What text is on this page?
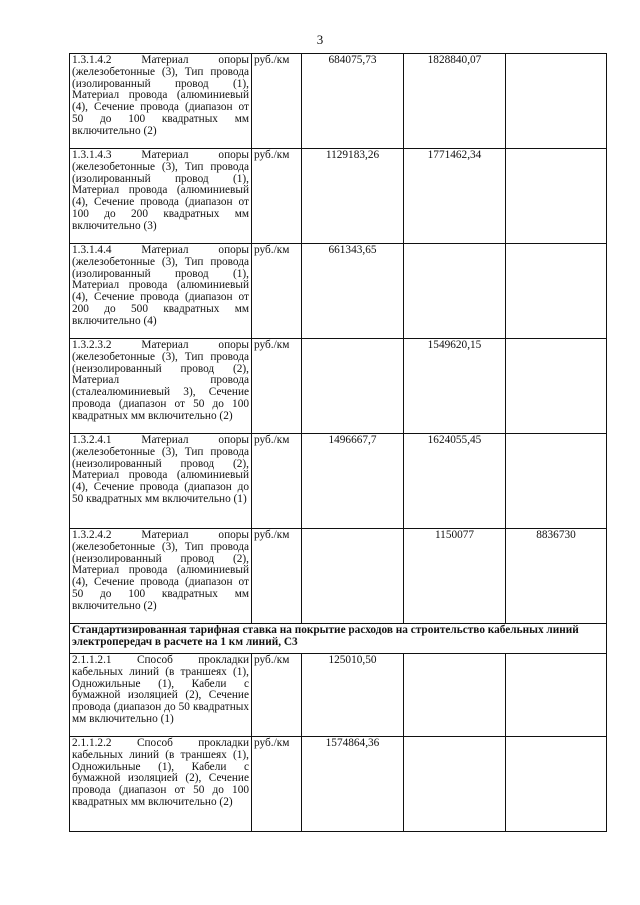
3
1.3.1.4.2 Материал опоры (железобетонные (3), Тип провода (изолированный провод (1), Материал провода (алюминиевый (4), Сечение провода (диапазон от 50 до 100 квадратных мм включительно (2)	руб./км	684075,73	1828840,07	
1.3.1.4.3 Материал опоры (железобетонные (3), Тип провода (изолированный провод (1), Материал провода (алюминиевый (4), Сечение провода (диапазон от 100 до 200 квадратных мм включительно (3)	руб./км	1129183,26	1771462,34	
1.3.1.4.4 Материал опоры (железобетонные (3), Тип провода (изолированный провод (1), Материал провода (алюминиевый (4), Сечение провода (диапазон от 200 до 500 квадратных мм включительно (4)	руб./км	661343,65		
1.3.2.3.2 Материал опоры (железобетонные (3), Тип провода (неизолированный провод (2), Материал провода (сталеалюминиевый 3), Сечение провода (диапазон от 50 до 100 квадратных мм включительно (2)	руб./км		1549620,15	
1.3.2.4.1 Материал опоры (железобетонные (3), Тип провода (неизолированный провод (2), Материал провода (алюминиевый (4), Сечение провода (диапазон до 50 квадратных мм включительно (1)	руб./км	1496667,7	1624055,45	
1.3.2.4.2 Материал опоры (железобетонные (3), Тип провода (неизолированный провод (2), Материал провода (алюминиевый (4), Сечение провода (диапазон от 50 до 100 квадратных мм включительно (2)	руб./км		1150077	8836730
Стандартизированная тарифная ставка на покрытие расходов на строительство кабельных линий электропередач в расчете на 1 км линий, С3				
2.1.1.2.1 Способ прокладки кабельных линий (в траншеях (1), Одножильные (1), Кабели с бумажной изоляцией (2), Сечение провода (диапазон до 50 квадратных мм включительно (1)	руб./км	125010,50		
2.1.1.2.2 Способ прокладки кабельных линий (в траншеях (1), Одножильные (1), Кабели с бумажной изоляцией (2), Сечение провода (диапазон от 50 до 100 квадратных мм включительно (2)	руб./км	1574864,36		
